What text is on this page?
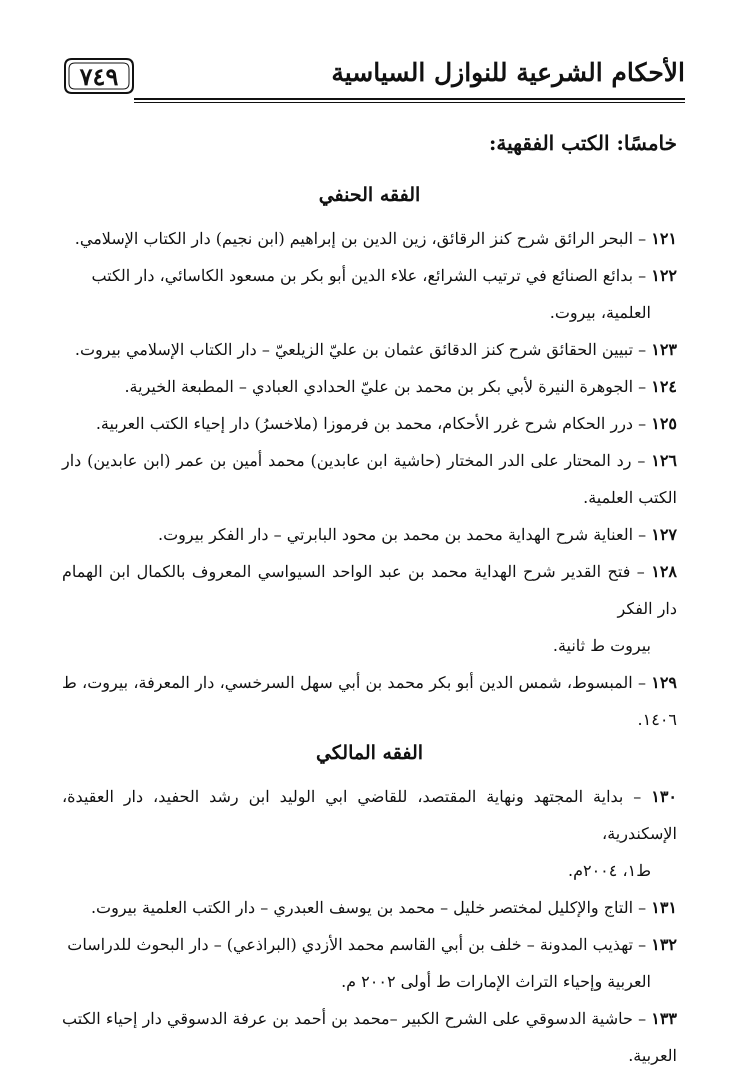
الأحكام الشرعية للنوازل السياسية
٧٤٩
خامسًا: الكتب الفقهية:
الفقه الحنفي

١٢١ – البحر الرائق شرح كنز الرقائق، زين الدين بن إبراهيم (ابن نجيم) دار الكتاب الإسلامي.

١٢٢ – بدائع الصنائع في ترتيب الشرائع، علاء الدين أبو بكر بن مسعود الكاسائي، دار الكتب

العلمية، بيروت.

١٢٣ – تبيين الحقائق شرح كنز الدقائق عثمان بن عليّ الزيلعيّ – دار الكتاب الإسلامي بيروت.

١٢٤ – الجوهرة النيرة لأبي بكر بن محمد بن عليّ الحدادي العبادي – المطبعة الخيرية.

١٢٥ – درر الحكام شرح غرر الأحكام، محمد بن فرموزا (ملاخسرُ) دار إحياء الكتب العربية.

١٢٦ – رد المحتار على الدر المختار (حاشية ابن عابدين) محمد أمين بن عمر (ابن عابدين) دار الكتب العلمية.

١٢٧ – العناية شرح الهداية محمد بن محمد بن محود البابرتي – دار الفكر بيروت.

١٢٨ – فتح القدير شرح الهداية محمد بن عبد الواحد السيواسي المعروف بالكمال ابن الهمام دار الفكر

بيروت ط ثانية.

١٢٩ – المبسوط، شمس الدين أبو بكر محمد بن أبي سهل السرخسي، دار المعرفة، بيروت، ط ١٤٠٦.

الفقه المالكي

١٣٠ – بداية المجتهد ونهاية المقتصد، للقاضي ابي الوليد ابن رشد الحفيد، دار العقيدة، الإسكندرية،

ط١، ٢٠٠٤م.

١٣١ – التاج والإكليل لمختصر خليل – محمد بن يوسف العبدري – دار الكتب العلمية بيروت.

١٣٢ – تهذيب المدونة – خلف بن أبي القاسم محمد الأزدي (البراذعي) – دار البحوث للدراسات

العربية وإحياء التراث الإمارات ط أولى ٢٠٠٢ م.

١٣٣ – حاشية الدسوقي على الشرح الكبير –محمد بن أحمد بن عرفة الدسوقي دار إحياء الكتب العربية.
